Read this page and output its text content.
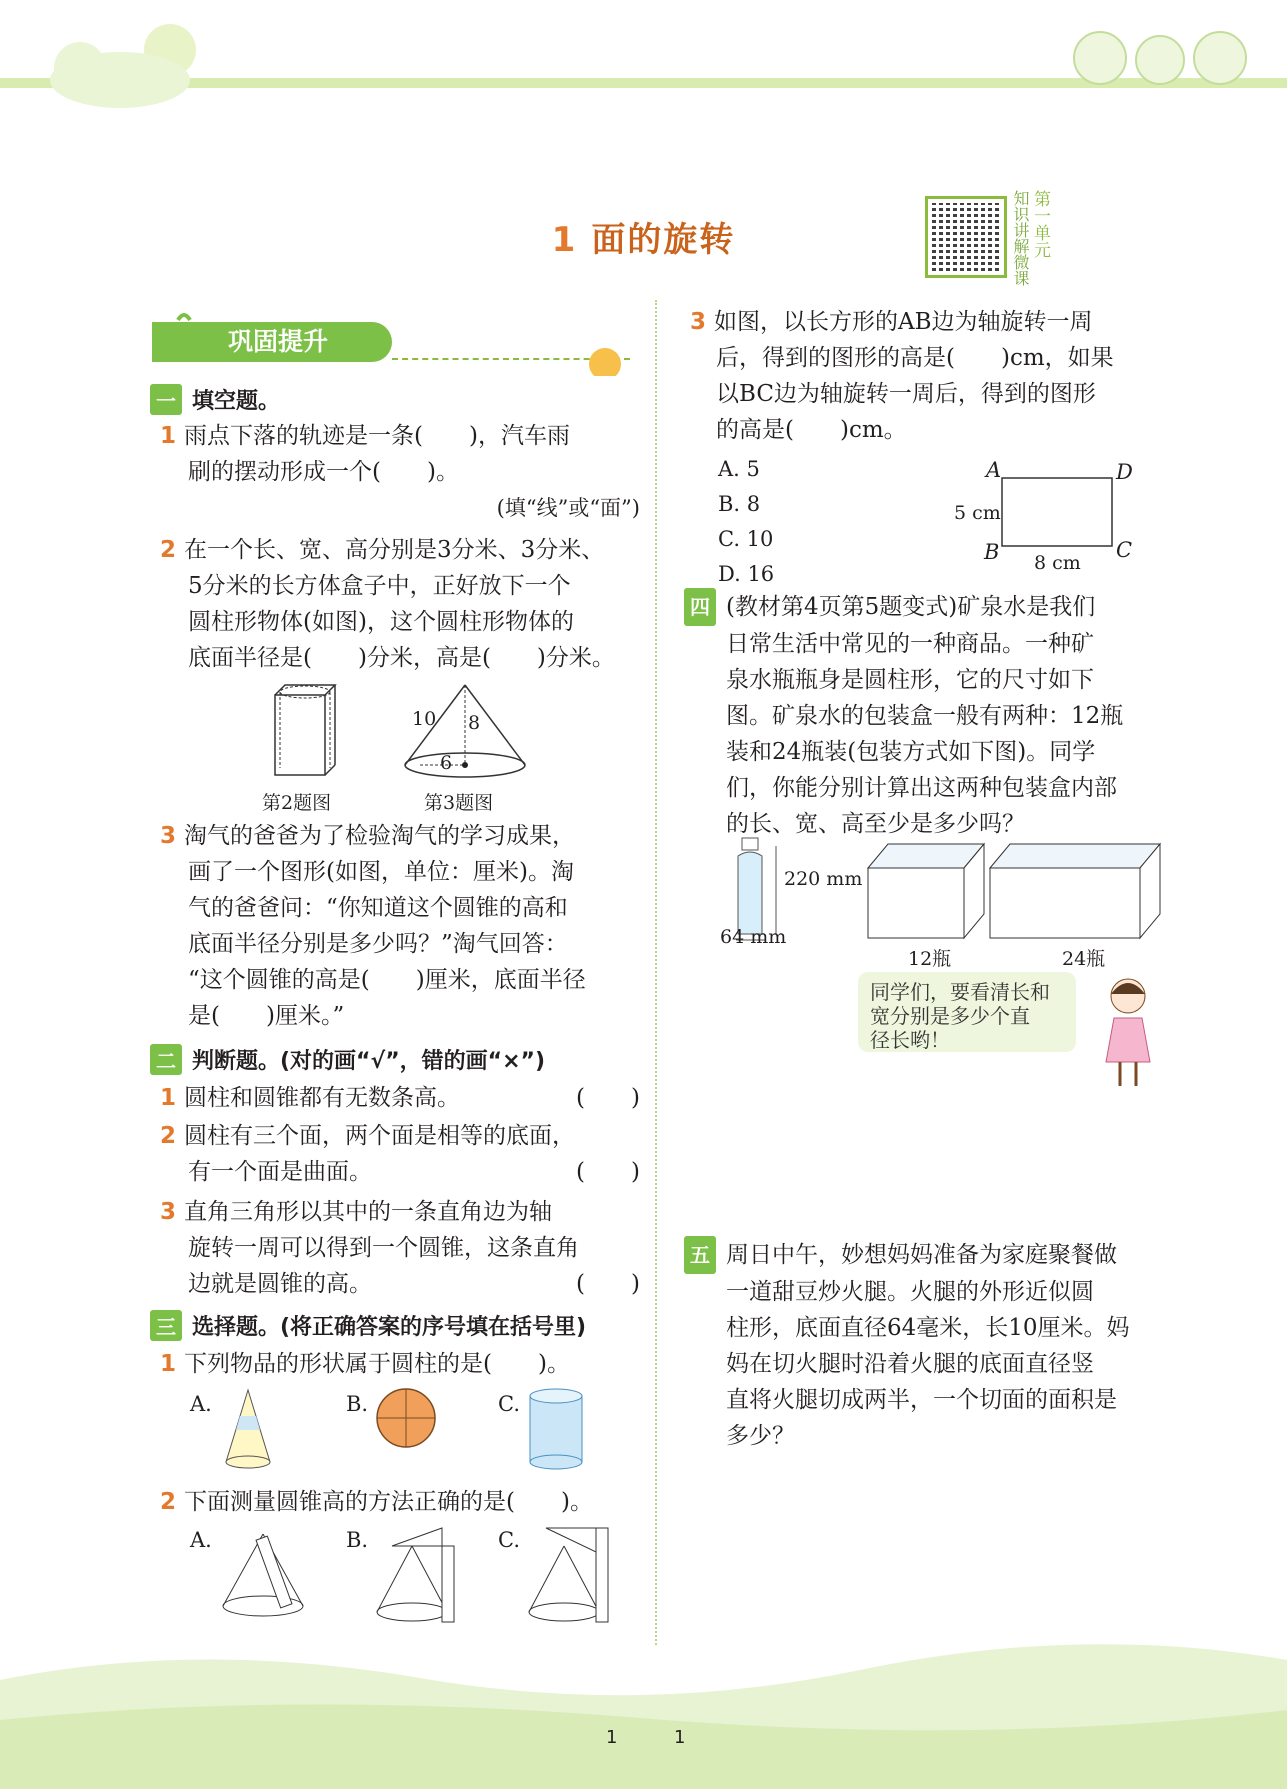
1 面的旋转	知识讲解微课 第一单元
巩固提升
一 填空题。
1 雨点下落的轨迹是一条(　　)，汽车雨
刷的摆动形成一个(　　)。
(填“线”或“面”)
2 在一个长、宽、高分别是3分米、3分米、
5分米的长方体盒子中，正好放下一个
圆柱形物体(如图)，这个圆柱形物体的
底面半径是(　　)分米，高是(　　)分米。
10 8
6
第2题图	第3题图
3 淘气的爸爸为了检验淘气的学习成果，
画了一个图形(如图，单位：厘米)。淘
气的爸爸问：“你知道这个圆锥的高和
底面半径分别是多少吗？”淘气回答：
“这个圆锥的高是(　　)厘米，底面半径
是(　　)厘米。”
二 判断题。(对的画“√”，错的画“×”)
1 圆柱和圆锥都有无数条高。	(　　)
2 圆柱有三个面，两个面是相等的底面，
有一个面是曲面。	(　　)
3 直角三角形以其中的一条直角边为轴
旋转一周可以得到一个圆锥，这条直角
边就是圆锥的高。	(　　)
三 选择题。(将正确答案的序号填在括号里)
1 下列物品的形状属于圆柱的是(　　)。
A.	B.	C.
2 下面测量圆锥高的方法正确的是(　　)。
A.	B.	C.
3 如图，以长方形的AB边为轴旋转一周
后，得到的图形的高是(　　)cm，如果
以BC边为轴旋转一周后，得到的图形
的高是(　　)cm。
A. 5
B. 8
C. 10
D. 16
A	D
B	C
5 cm
8 cm
四 (教材第4页第5题变式)矿泉水是我们
日常生活中常见的一种商品。一种矿
泉水瓶瓶身是圆柱形，它的尺寸如下
图。矿泉水的包装盒一般有两种：12瓶
装和24瓶装(包装方式如下图)。同学
们，你能分别计算出这两种包装盒内部
的长、宽、高至少是多少吗？
220 mm
64 mm
12瓶	24瓶
同学们，要看清长和
宽分别是多少个直
径长哟！
五 周日中午，妙想妈妈准备为家庭聚餐做
一道甜豆炒火腿。火腿的外形近似圆
柱形，底面直径64毫米，长10厘米。妈
妈在切火腿时沿着火腿的底面直径竖
直将火腿切成两半，一个切面的面积是
多少？
1	1
